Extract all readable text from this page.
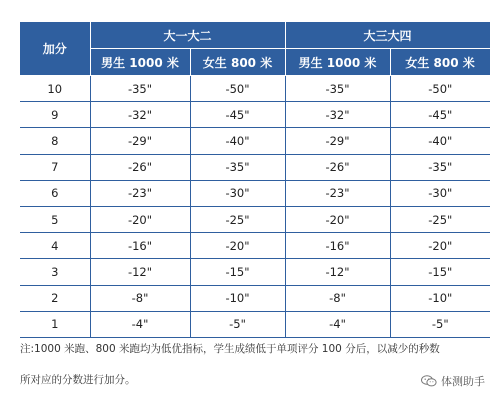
加分	大一大二		大三大四	
	男生 1000 米	女生 800 米	男生 1000 米	女生 800 米
10	-35"	-50"	-35"	-50"
9	-32"	-45"	-32"	-45"
8	-29"	-40"	-29"	-40"
7	-26"	-35"	-26"	-35"
6	-23"	-30"	-23"	-30"
5	-20"	-25"	-20"	-25"
4	-16"	-20"	-16"	-20"
3	-12"	-15"	-12"	-15"
2	-8"	-10"	-8"	-10"
1	-4"	-5"	-4"	-5"
注:1000 米跑、800 米跑均为低优指标，学生成绩低于单项评分 100 分后，以减少的秒数
所对应的分数进行加分。	体测助手
